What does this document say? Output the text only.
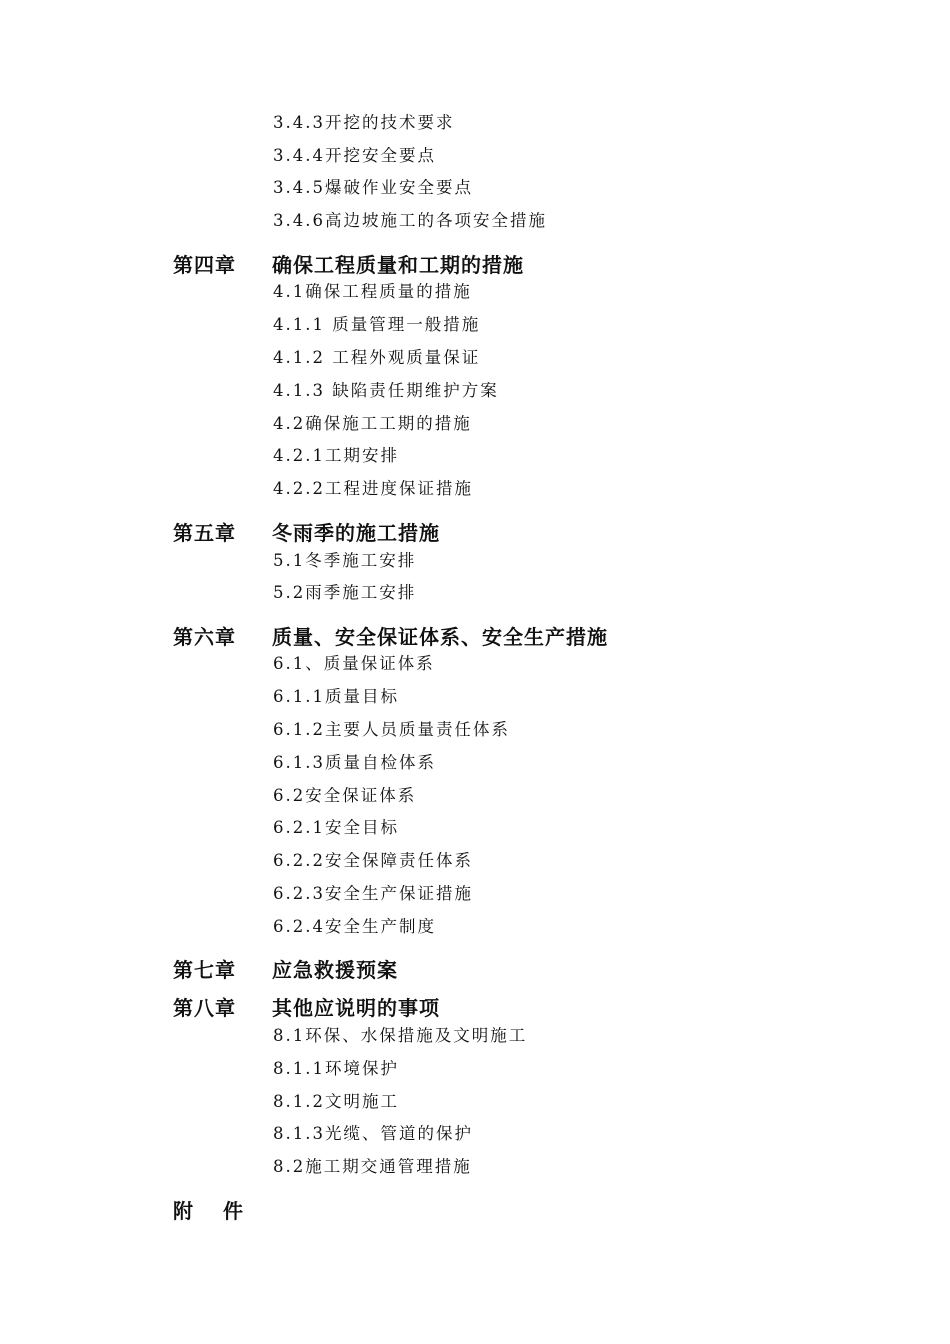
3.4.3开挖的技术要求
3.4.4开挖安全要点
3.4.5爆破作业安全要点
3.4.6高边坡施工的各项安全措施
第四章 确保工程质量和工期的措施
4.1确保工程质量的措施
4.1.1 质量管理一般措施
4.1.2 工程外观质量保证
4.1.3 缺陷责任期维护方案
4.2确保施工工期的措施
4.2.1工期安排
4.2.2工程进度保证措施
第五章 冬雨季的施工措施
5.1冬季施工安排
5.2雨季施工安排
第六章 质量、安全保证体系、安全生产措施
6.1、质量保证体系
6.1.1质量目标
6.1.2主要人员质量责任体系
6.1.3质量自检体系
6.2安全保证体系
6.2.1安全目标
6.2.2安全保障责任体系
6.2.3安全生产保证措施
6.2.4安全生产制度
第七章 应急救援预案
第八章 其他应说明的事项
8.1环保、水保措施及文明施工
8.1.1环境保护
8.1.2文明施工
8.1.3光缆、管道的保护
8.2施工期交通管理措施
附 件
